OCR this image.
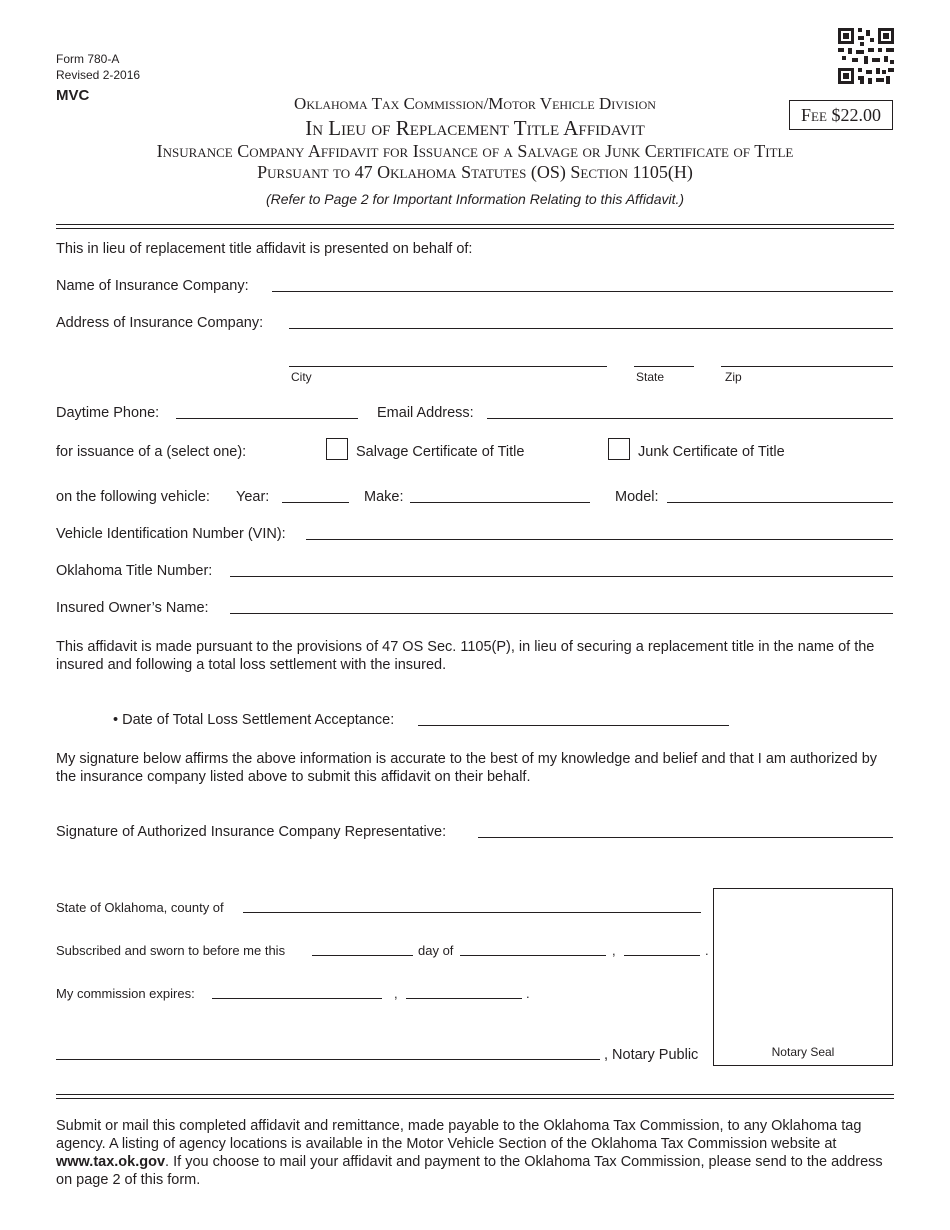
Form 780-A
Revised 2-2016
MVC
Fee $22.00
Oklahoma Tax Commission/Motor Vehicle Division
In Lieu of Replacement Title Affidavit
Insurance Company Affidavit for Issuance of a Salvage or Junk Certificate of Title
Pursuant to 47 Oklahoma Statutes (OS) Section 1105(H)
(Refer to Page 2 for Important Information Relating to this Affidavit.)
This in lieu of replacement title affidavit is presented on behalf of:
Name of Insurance Company:
Address of Insurance Company:
City	State	Zip
Daytime Phone:	Email Address:
for issuance of a (select one):	Salvage Certificate of Title	Junk Certificate of Title
on the following vehicle: Year:	Make:	Model:
Vehicle Identification Number (VIN):
Oklahoma Title Number:
Insured Owner’s Name:
This affidavit is made pursuant to the provisions of 47 OS Sec. 1105(P), in lieu of securing a replacement title in the name of the insured and following a total loss settlement with the insured.
• Date of Total Loss Settlement Acceptance:
My signature below affirms the above information is accurate to the best of my knowledge and belief and that I am authorized by the insurance company listed above to submit this affidavit on their behalf.
Signature of Authorized Insurance Company Representative:
State of Oklahoma, county of
Subscribed and sworn to before me this	day of	,	.
My commission expires:	,	.
, Notary Public	Notary Seal
Submit or mail this completed affidavit and remittance, made payable to the Oklahoma Tax Commission, to any Oklahoma tag agency. A listing of agency locations is available in the Motor Vehicle Section of the Oklahoma Tax Commission website at www.tax.ok.gov. If you choose to mail your affidavit and payment to the Oklahoma Tax Commission, please send to the address on page 2 of this form.
